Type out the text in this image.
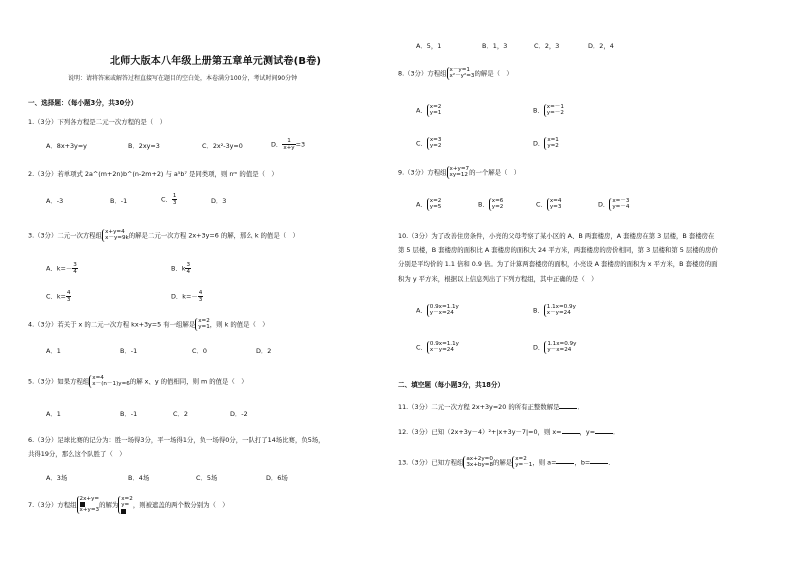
北师大版本八年级上册第五章单元测试卷(B卷)
说明：请将答案或解答过程直接写在题目的空白处，本卷满分100分，考试时间90分钟
一、选择题：（每小题3分，共30分）
1.（3分）下列各方程是二元一次方程的是（　）
A．8x+3y=y	B．2xy=3	C．2x²-3y=0	D． $\frac{1}{x+y} =3$
2.（3分）若单项式 2a^(m+2n)b^(n-2m+2) 与 a⁵b⁷ 是同类项，则 nᵐ 的值是（　）
A．-3	B．-1	C． $\frac{1}{3}$	D．3
3.（3分）二元一次方程组 x+y=4
x－y=9k 的解是二元一次方程 2x+3y=6 的解，那么 k 的值是（　）
A．$k=- \frac{3}{4}$	B．k $\frac{3}{4}$
C．$k= \frac{4}{3}$	D．$k=- \frac{4}{3}$
4.（3分）若关于 x 的二元一次方程 kx+3y=5 有一组解是 x=2
y=1 ，则 k 的值是（　）
A．1	B．-1	C．0	D．2
5.（3分）如果方程组 x=4
x－(n－1)y=6 的解 x、y 的值相同，则 m 的值是（　）
A．1	B．-1	C．2	D．-2
6.（3分）足球比赛的记分为：胜一场得3分，平一场得1分，负一场得0分，一队打了14场比赛，负5场，
共得19分，那么这个队胜了（　）
A．3场	B．4场	C．5场	D．6场
7.（3分）方程组
2x+y=
x+y=3
的解为
x=2
y= ，则被遮盖的两个数分别为（　）
A．5，1	B．1，3	C．2，3	D．2，4
8.（3分）方程组 x－y=1
x²－y²=3 的解是（　）
A． x=2
y=1	B． x=－1
y=－2
C． x=3
y=2	D． x=1
y=2
9.（3分）方程组 x+y=7
xy=12 的一个解是（　）
A． x=2
y=5	B． x=6
y=2	C． x=4
y=3	D． x=－3
y=－4
10.（3分）为了改善住房条件，小亮的父母考察了某小区的 A、B 两套楼房，A 套楼房在第 3 层楼，B 套楼房在
第 5 层楼，B 套楼房的面积比 A 套楼房的面积大 24 平方米，两套楼房的房价相同，第 3 层楼和第 5 层楼的房价
分别是平均价的 1.1 倍和 0.9 倍。为了计算两套楼房的面积，小亮设 A 套楼房的面积为 x 平方米，B 套楼房的面
积为 y 平方米，根据以上信息列出了下列方程组，其中正确的是（　）
A． 0.9x=1.1y
y－x=24	B． 1.1x=0.9y
x－y=24
C． 0.9x=1.1y
x－y=24	D． 1.1x=0.9y
y－x=24
二、填空题（每小题3分，共18分）
11.（3分）二元一次方程 2x+3y=20 的所有正整数解是	．
12.（3分）已知（2x+3y－4）²+|x+3y－7|=0，则 x=	，y=	．
13.（3分）已知方程组 ax+2y=0
3x+by=8 的解是 x=2
y=－1 ，则 a=	，b=	．
